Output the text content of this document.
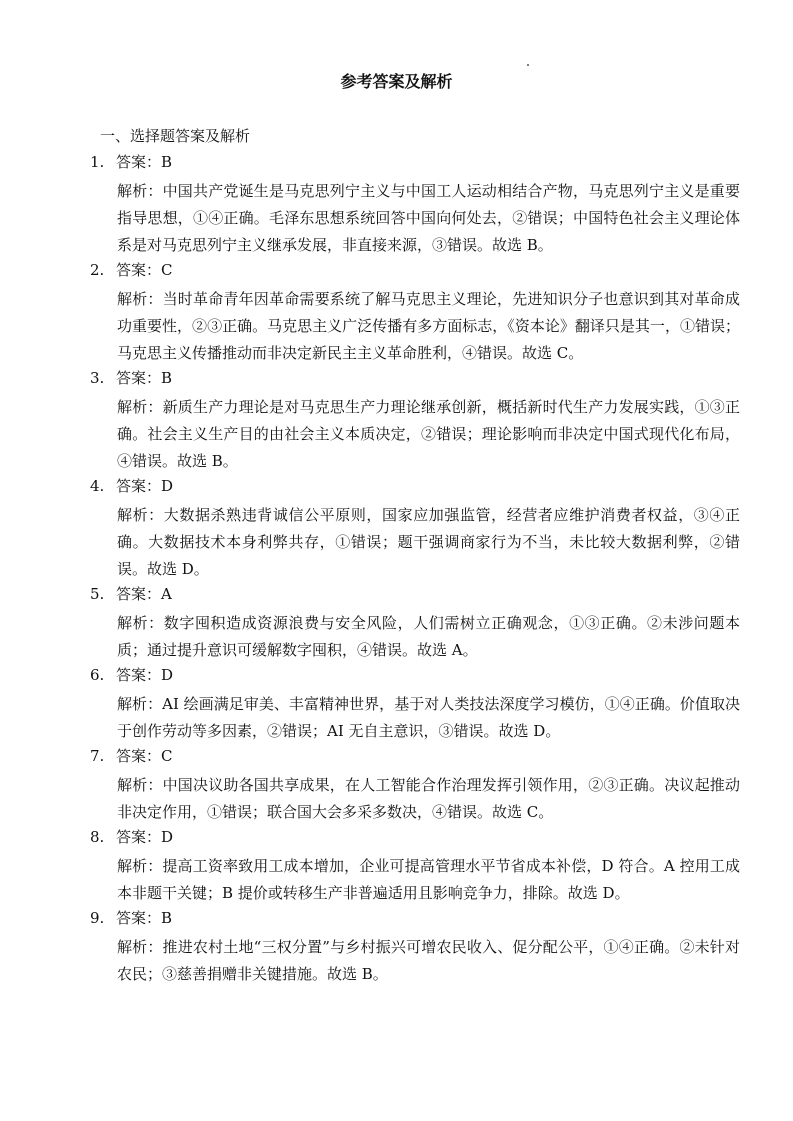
参考答案及解析
一、选择题答案及解析
1. 答案：B
解析：中国共产党诞生是马克思列宁主义与中国工人运动相结合产物，马克思列宁主义是重要指导思想，①④正确。毛泽东思想系统回答中国向何处去，②错误；中国特色社会主义理论体系是对马克思列宁主义继承发展，非直接来源，③错误。故选 B。
2. 答案：C
解析：当时革命青年因革命需要系统了解马克思主义理论，先进知识分子也意识到其对革命成功重要性，②③正确。马克思主义广泛传播有多方面标志，《资本论》翻译只是其一，①错误；马克思主义传播推动而非决定新民主主义革命胜利，④错误。故选 C。
3. 答案：B
解析：新质生产力理论是对马克思生产力理论继承创新，概括新时代生产力发展实践，①③正确。社会主义生产目的由社会主义本质决定，②错误；理论影响而非决定中国式现代化布局，④错误。故选 B。
4. 答案：D
解析：大数据杀熟违背诚信公平原则，国家应加强监管，经营者应维护消费者权益，③④正确。大数据技术本身利弊共存，①错误；题干强调商家行为不当，未比较大数据利弊，②错误。故选 D。
5. 答案：A
解析：数字囤积造成资源浪费与安全风险，人们需树立正确观念，①③正确。②未涉问题本质；通过提升意识可缓解数字囤积，④错误。故选 A。
6. 答案：D
解析：AI 绘画满足审美、丰富精神世界，基于对人类技法深度学习模仿，①④正确。价值取决于创作劳动等多因素，②错误；AI 无自主意识，③错误。故选 D。
7. 答案：C
解析：中国决议助各国共享成果，在人工智能合作治理发挥引领作用，②③正确。决议起推动非决定作用，①错误；联合国大会多采多数决，④错误。故选 C。
8. 答案：D
解析：提高工资率致用工成本增加，企业可提高管理水平节省成本补偿，D 符合。A 控用工成本非题干关键；B 提价或转移生产非普遍适用且影响竞争力，排除。故选 D。
9. 答案：B
解析：推进农村土地“三权分置”与乡村振兴可增农民收入、促分配公平，①④正确。②未针对农民；③慈善捐赠非关键措施。故选 B。
